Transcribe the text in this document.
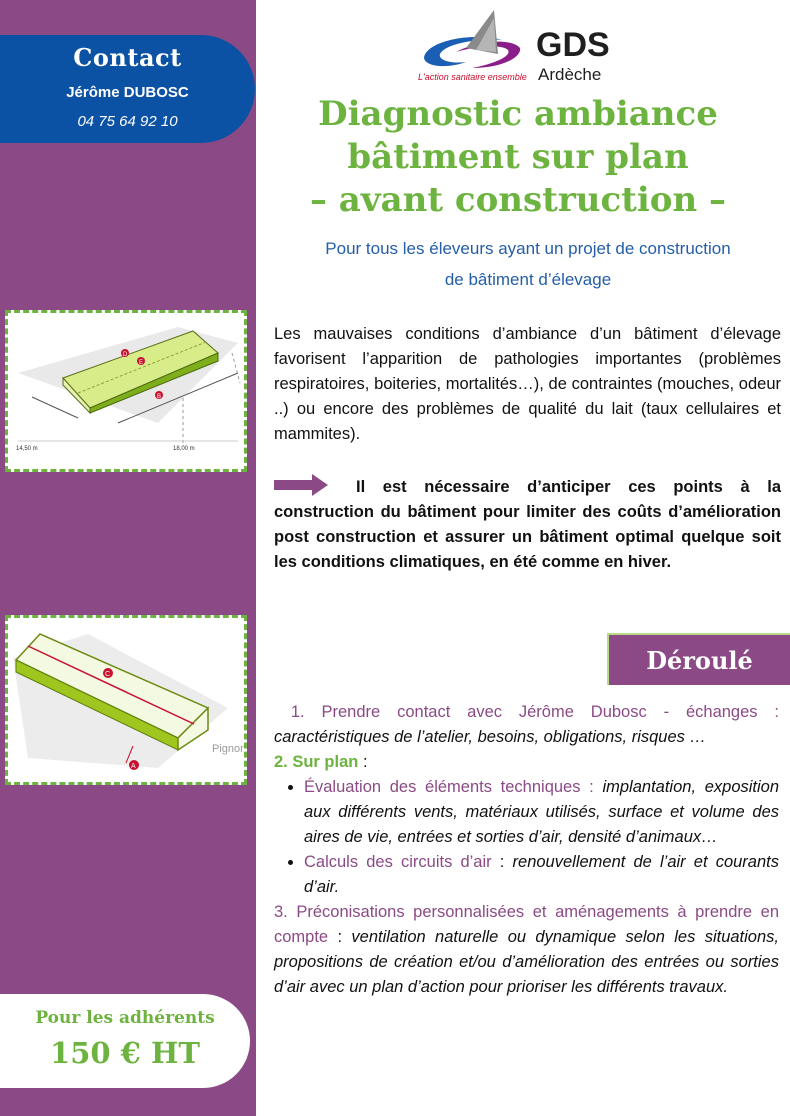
Contact
Jérôme DUBOSC
04 75 64 92 10
D
E
B
14,50 m	18,00 m
C
A
Pignon
Pour les adhérents
150 € HT
GDS
Ardèche
L'action sanitaire ensemble
Diagnostic ambiance
bâtiment sur plan
– avant construction –
Pour tous les éleveurs ayant un projet de construction
de bâtiment d’élevage
Les mauvaises conditions d’ambiance d’un bâtiment d’élevage favorisent l’apparition de pathologies importantes (problèmes respiratoires, boiteries, mortalités…), de contraintes (mouches, odeur ..) ou encore des problèmes de qualité du lait (taux cellulaires et mammites).
Il est nécessaire d’anticiper ces points à la construction du bâtiment pour limiter des coûts d’amélioration post construction et assurer un bâtiment optimal quelque soit les conditions climatiques, en été comme en hiver.
Déroulé

1. Prendre contact avec Jérôme Dubosc - échanges : caractéristiques de l’atelier, besoins, obligations, risques …

2. Sur plan :

• Évaluation des éléments techniques : implantation, exposition aux différents vents, matériaux utilisés, surface et volume des aires de vie, entrées et sorties d’air, densité d’animaux…
• Calculs des circuits d’air : renouvellement de l’air et courants d’air.

3. Préconisations personnalisées et aménagements à prendre en compte : ventilation naturelle ou dynamique selon les situations, propositions de création et/ou d’amélioration des entrées ou sorties d’air avec un plan d’action pour prioriser les différents travaux.
